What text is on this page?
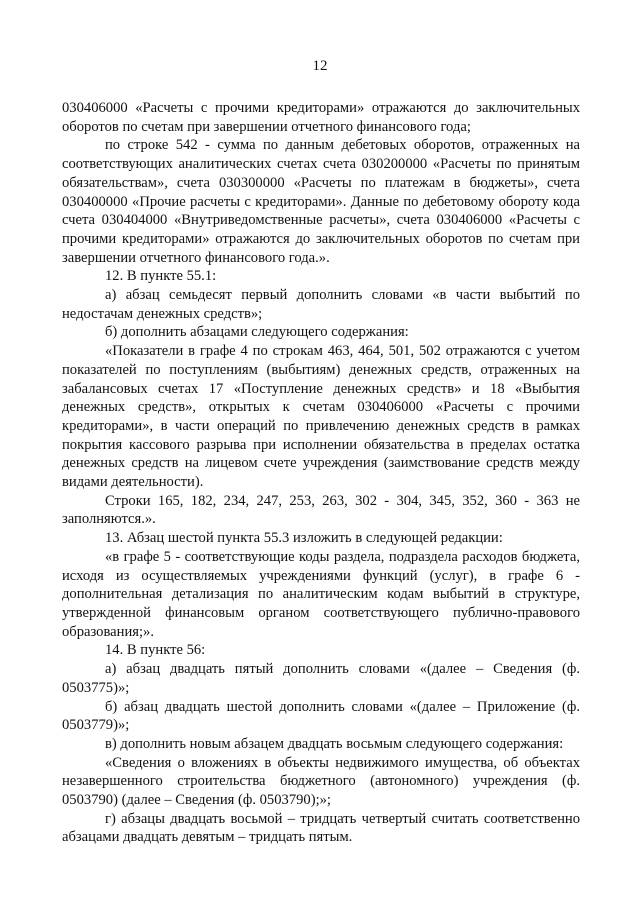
12

030406000 «Расчеты с прочими кредиторами» отражаются до заключительных оборотов по счетам при завершении отчетного финансового года;

по строке 542 - сумма по данным дебетовых оборотов, отраженных на соответствующих аналитических счетах счета 030200000 «Расчеты по принятым обязательствам», счета 030300000 «Расчеты по платежам в бюджеты», счета 030400000 «Прочие расчеты с кредиторами». Данные по дебетовому обороту кода счета 030404000 «Внутриведомственные расчеты», счета 030406000 «Расчеты с прочими кредиторами» отражаются до заключительных оборотов по счетам при завершении отчетного финансового года.».

12. В пункте 55.1:

а) абзац семьдесят первый дополнить словами «в части выбытий по недостачам денежных средств»;

б) дополнить абзацами следующего содержания:

«Показатели в графе 4 по строкам 463, 464, 501, 502 отражаются с учетом показателей по поступлениям (выбытиям) денежных средств, отраженных на забалансовых счетах 17 «Поступление денежных средств» и 18 «Выбытия денежных средств», открытых к счетам 030406000 «Расчеты с прочими кредиторами», в части операций по привлечению денежных средств в рамках покрытия кассового разрыва при исполнении обязательства в пределах остатка денежных средств на лицевом счете учреждения (заимствование средств между видами деятельности).

Строки 165, 182, 234, 247, 253, 263, 302 - 304, 345, 352, 360 - 363 не заполняются.».

13. Абзац шестой пункта 55.3 изложить в следующей редакции:

«в графе 5 - соответствующие коды раздела, подраздела расходов бюджета, исходя из осуществляемых учреждениями функций (услуг), в графе 6 - дополнительная детализация по аналитическим кодам выбытий в структуре, утвержденной финансовым органом соответствующего публично-правового образования;».

14. В пункте 56:

а) абзац двадцать пятый дополнить словами «(далее – Сведения (ф. 0503775)»;

б) абзац двадцать шестой дополнить словами «(далее – Приложение (ф. 0503779)»;

в) дополнить новым абзацем двадцать восьмым следующего содержания:

«Сведения о вложениях в объекты недвижимого имущества, об объектах незавершенного строительства бюджетного (автономного) учреждения (ф. 0503790) (далее – Сведения (ф. 0503790);»;

г) абзацы двадцать восьмой – тридцать четвертый считать соответственно абзацами двадцать девятым – тридцать пятым.
